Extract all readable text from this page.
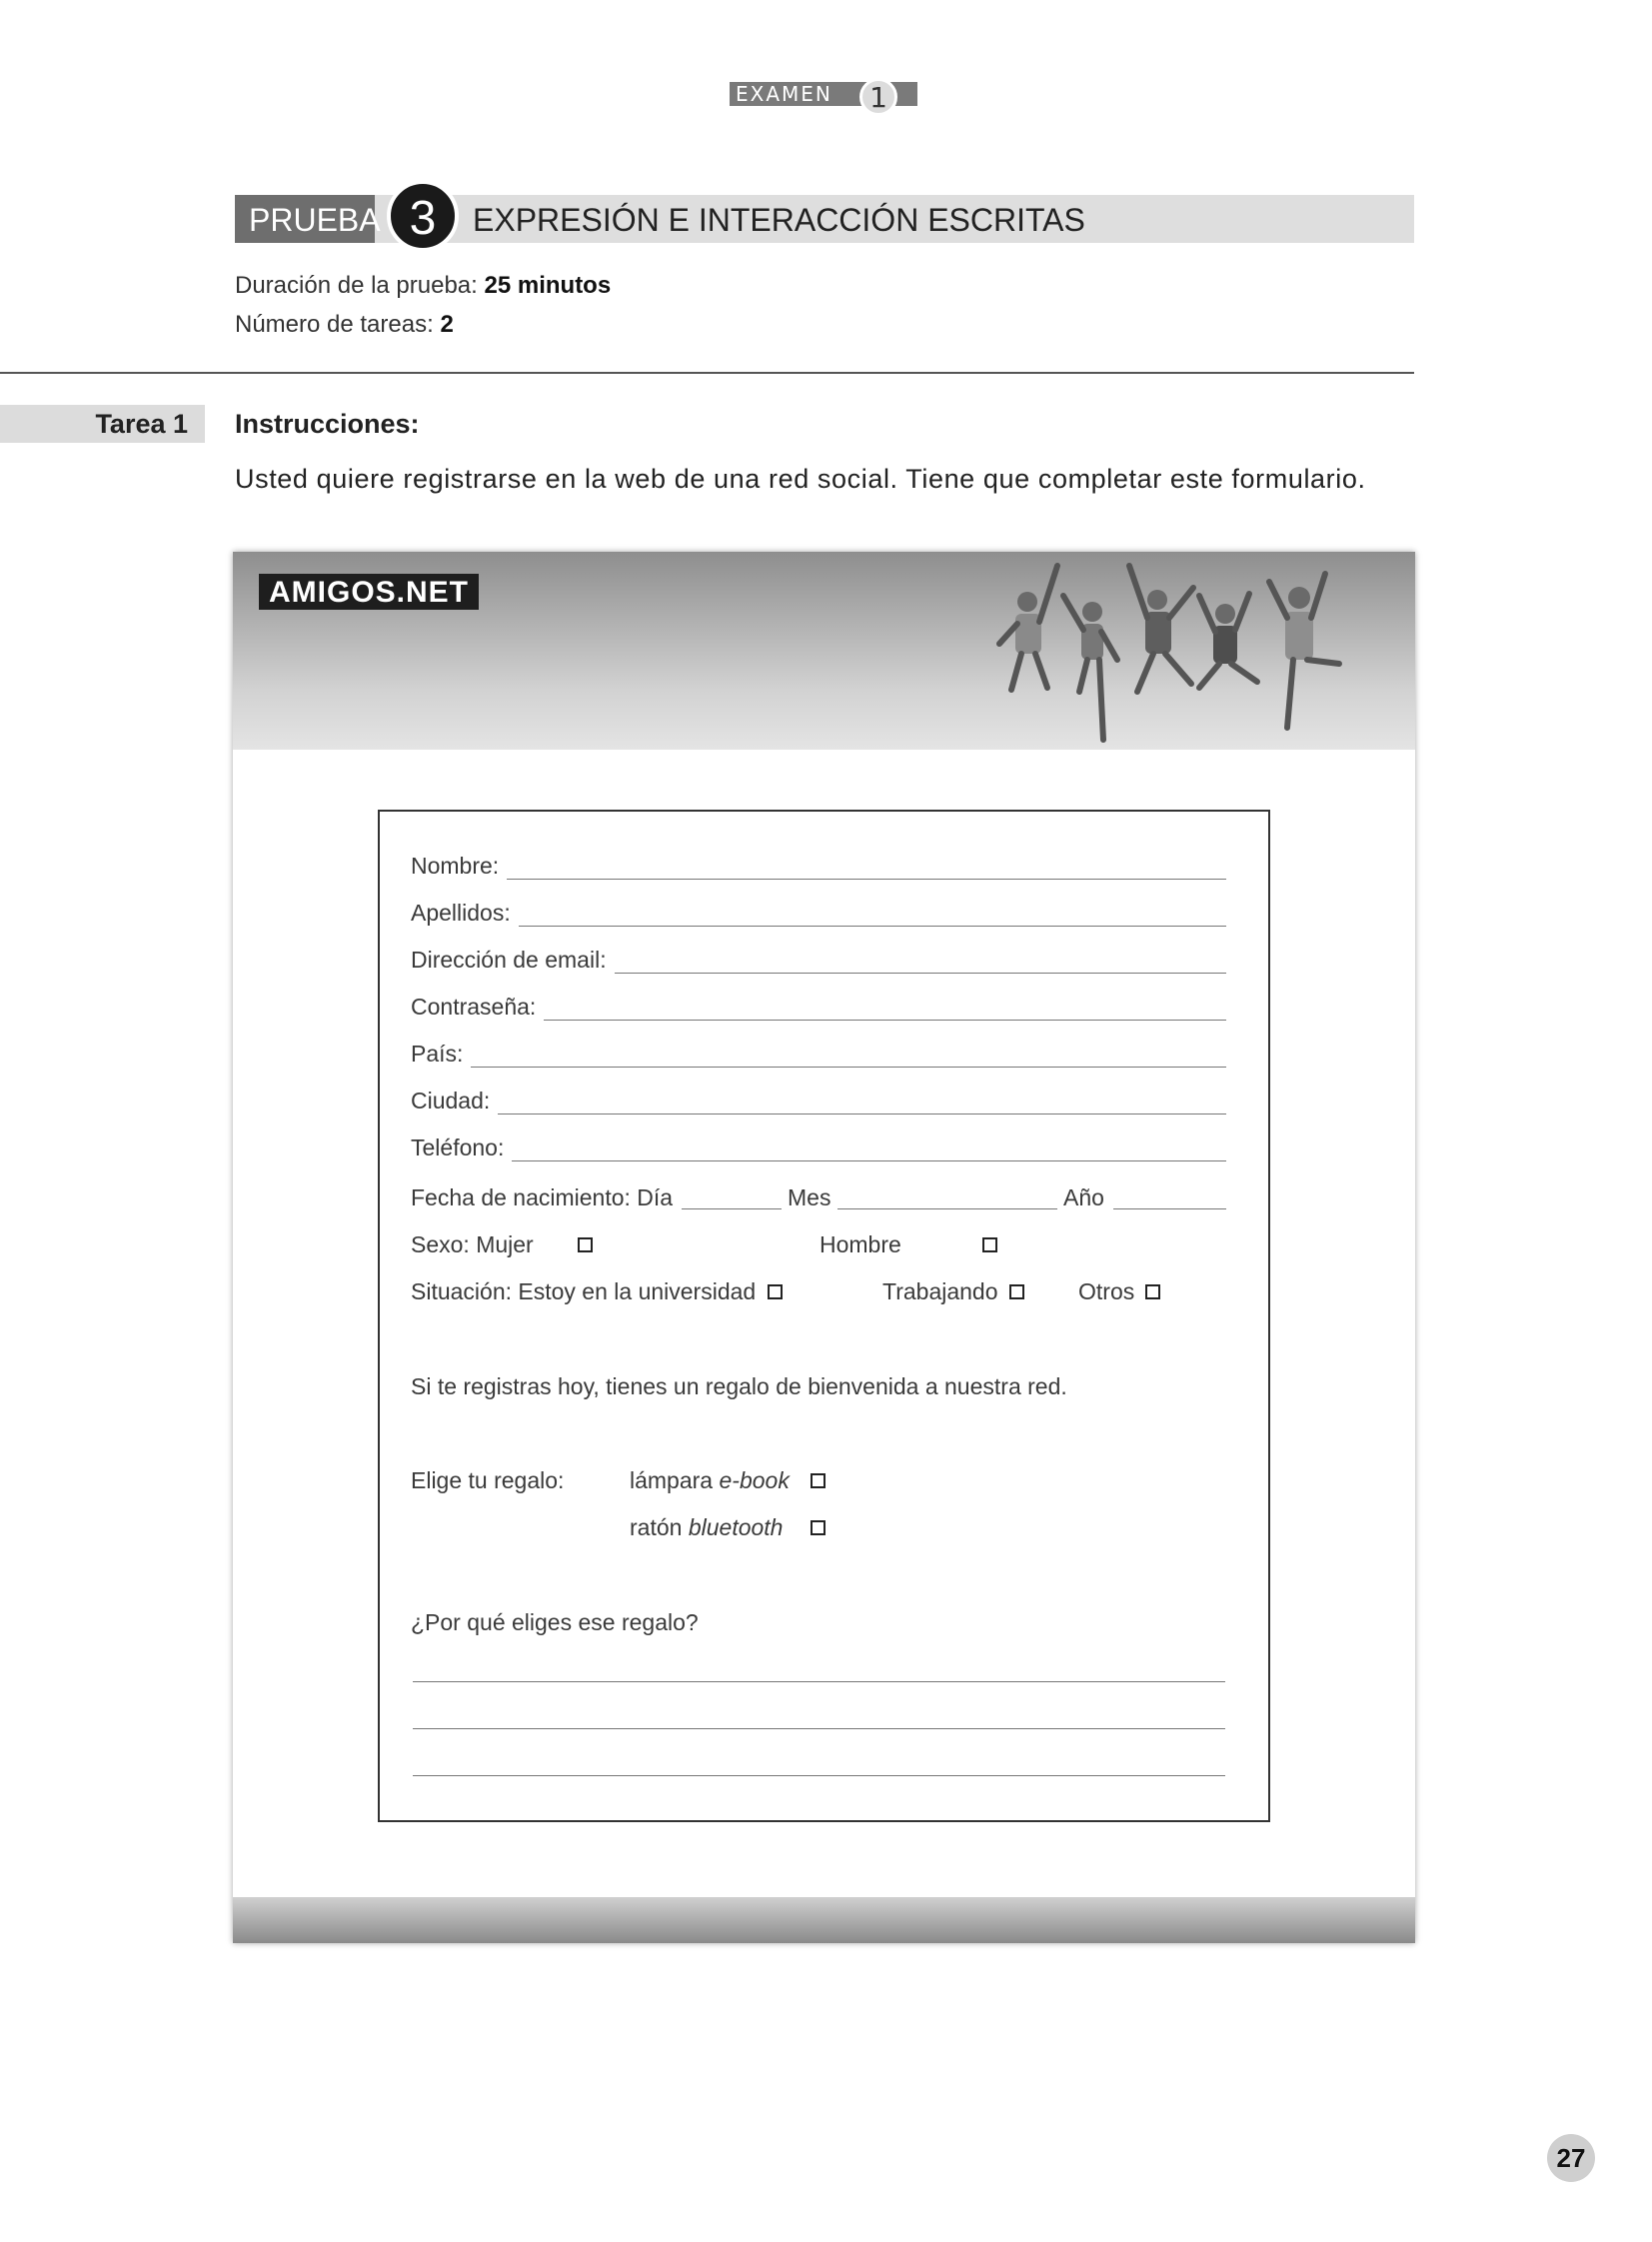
EXAMEN	1
PRUEBA 3	EXPRESIÓN E INTERACCIÓN ESCRITAS
Duración de la prueba: 25 minutos
Número de tareas: 2
Tarea 1 Instrucciones:
Usted quiere registrarse en la web de una red social. Tiene que completar este formulario.
AMIGOS.NET
Nombre:
Apellidos:
Dirección de email:
Contraseña:
País:
Ciudad:
Teléfono:
Fecha de nacimiento: Día	Mes	Año
Sexo: Mujer	Hombre
Situación: Estoy en la universidad	Trabajando	Otros
Si te registras hoy, tienes un regalo de bienvenida a nuestra red.
Elige tu regalo:	lámpara e-book
ratón bluetooth
¿Por qué eliges ese regalo?
27
